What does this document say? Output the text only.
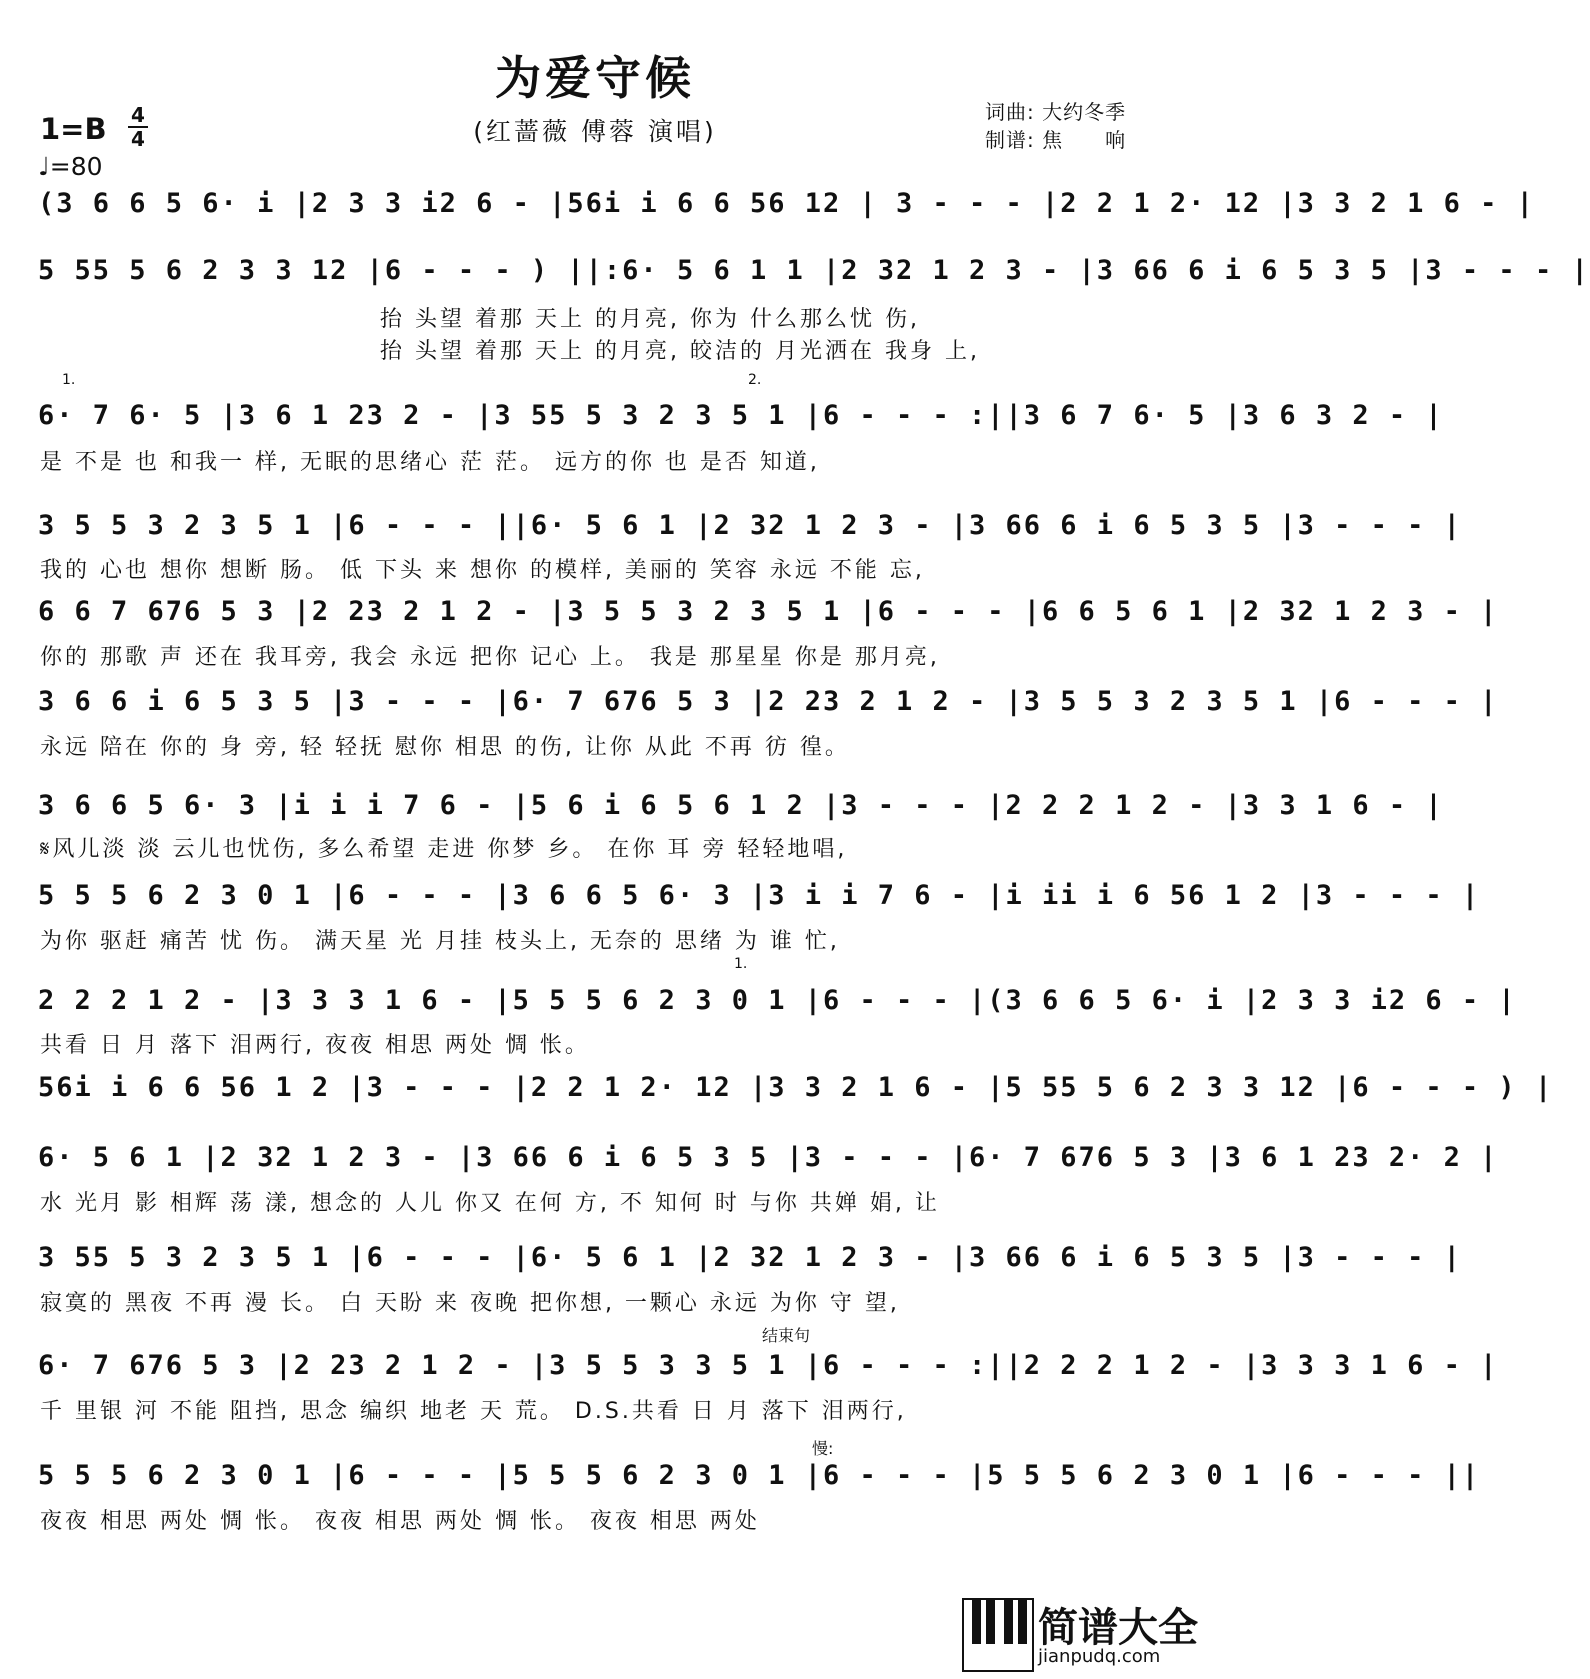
为爱守候
(红蔷薇 傅蓉 演唱)
1=B 4
4
♩=80
词曲: 大约冬季
制谱: 焦　　响
(3 6 6 5 6· i |2 3 3 i2 6 - |56i i 6 6 56 12 | 3 - - - |2 2 1 2· 12 |3 3 2 1 6 - |
5 55 5 6 2 3 3 12 |6 - - - ) ||:6· 5 6 1 1 |2 32 1 2 3 - |3 66 6 i 6 5 3 5 |3 - - - |
抬 头望 着那 天上 的月亮, 你为 什么那么忧 伤,
抬 头望 着那 天上 的月亮, 皎洁的 月光洒在 我身 上,
1.	2.
6· 7 6· 5 |3 6 1 23 2 - |3 55 5 3 2 3 5 1 |6 - - - :||3 6 7 6· 5 |3 6 3 2 - |
是 不是 也 和我一 样, 无眠的思绪心 茫 茫。 远方的你 也 是否 知道,
3 5 5 3 2 3 5 1 |6 - - - ||6· 5 6 1 |2 32 1 2 3 - |3 66 6 i 6 5 3 5 |3 - - - |
我的 心也 想你 想断 肠。 低 下头 来 想你 的模样, 美丽的 笑容 永远 不能 忘,
6 6 7 676 5 3 |2 23 2 1 2 - |3 5 5 3 2 3 5 1 |6 - - - |6 6 5 6 1 |2 32 1 2 3 - |
你的 那歌 声 还在 我耳旁, 我会 永远 把你 记心 上。 我是 那星星 你是 那月亮,
3 6 6 i 6 5 3 5 |3 - - - |6· 7 676 5 3 |2 23 2 1 2 - |3 5 5 3 2 3 5 1 |6 - - - |
永远 陪在 你的 身 旁, 轻 轻抚 慰你 相思 的伤, 让你 从此 不再 彷 徨。
3 6 6 5 6· 3 |i i i 7 6 - |5 6 i 6 5 6 1 2 |3 - - - |2 2 2 1 2 - |3 3 1 6 - |
𝄋风儿淡 淡 云儿也忧伤, 多么希望 走进 你梦 乡。 在你 耳 旁 轻轻地唱,
5 5 5 6 2 3 0 1 |6 - - - |3 6 6 5 6· 3 |3 i i 7 6 - |i ii i 6 56 1 2 |3 - - - |
为你 驱赶 痛苦 忧 伤。 满天星 光 月挂 枝头上, 无奈的 思绪 为 谁 忙,
1.
2 2 2 1 2 - |3 3 3 1 6 - |5 5 5 6 2 3 0 1 |6 - - - |(3 6 6 5 6· i |2 3 3 i2 6 - |
共看 日 月 落下 泪两行, 夜夜 相思 两处 惆 怅。
56i i 6 6 56 1 2 |3 - - - |2 2 1 2· 12 |3 3 2 1 6 - |5 55 5 6 2 3 3 12 |6 - - - ) |
6· 5 6 1 |2 32 1 2 3 - |3 66 6 i 6 5 3 5 |3 - - - |6· 7 676 5 3 |3 6 1 23 2· 2 |
水 光月 影 相辉 荡 漾, 想念的 人儿 你又 在何 方, 不 知何 时 与你 共婵 娟, 让
3 55 5 3 2 3 5 1 |6 - - - |6· 5 6 1 |2 32 1 2 3 - |3 66 6 i 6 5 3 5 |3 - - - |
寂寞的 黑夜 不再 漫 长。 白 天盼 来 夜晚 把你想, 一颗心 永远 为你 守 望,
结束句
6· 7 676 5 3 |2 23 2 1 2 - |3 5 5 3 3 5 1 |6 - - - :||2 2 2 1 2 - |3 3 3 1 6 - |
千 里银 河 不能 阻挡, 思念 编织 地老 天 荒。 D.S.共看 日 月 落下 泪两行,
慢:
5 5 5 6 2 3 0 1 |6 - - - |5 5 5 6 2 3 0 1 |6 - - - |5 5 5 6 2 3 0 1 |6 - - - ||
夜夜 相思 两处 惆 怅。 夜夜 相思 两处 惆 怅。 夜夜 相思 两处
简谱大全
jianpudq.com
